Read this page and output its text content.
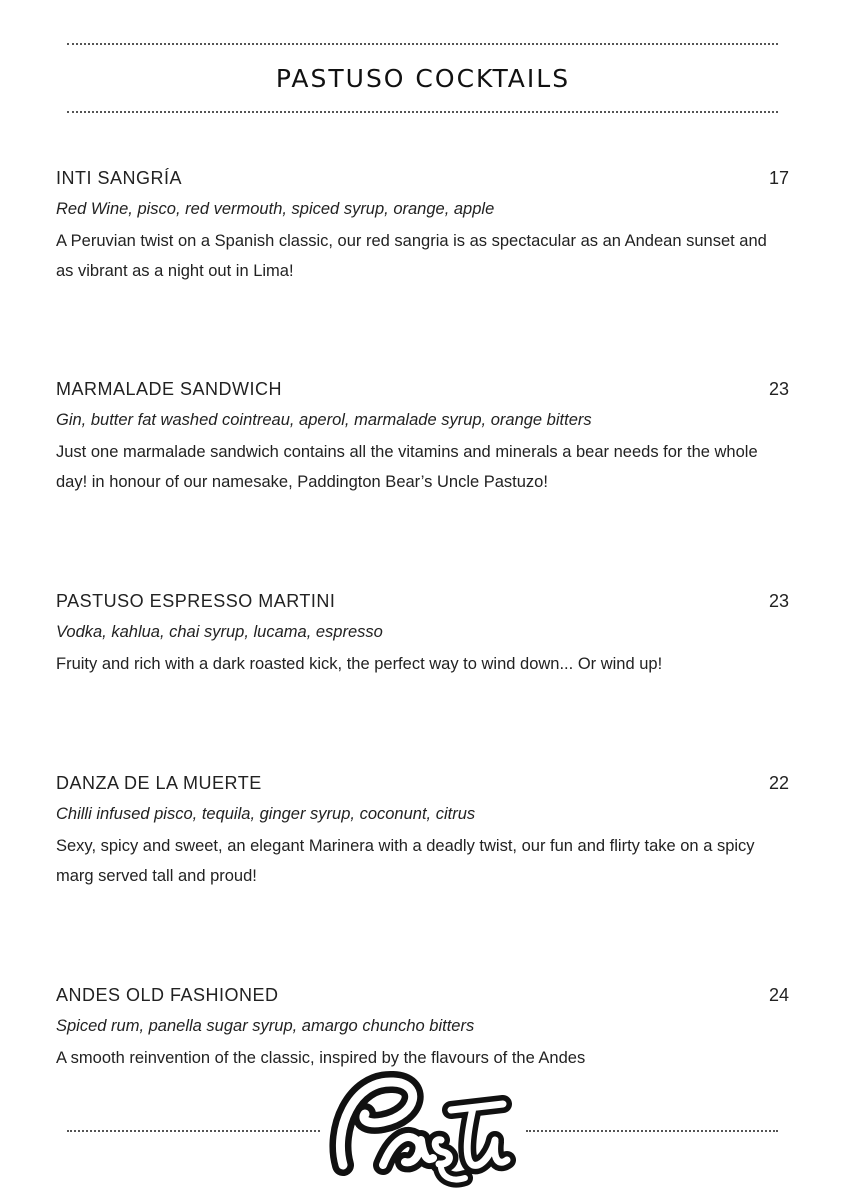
PASTUSO COCKTAILS
INTI SANGRÍA	17
Red Wine, pisco, red vermouth, spiced syrup, orange, apple
A Peruvian twist on a Spanish classic, our red sangria is as spectacular as an Andean sunset and as vibrant as a night out in Lima!
MARMALADE SANDWICH	23
Gin, butter fat washed cointreau, aperol, marmalade syrup, orange bitters
Just one marmalade sandwich contains all the vitamins and minerals a bear needs for the whole day! in honour of our namesake, Paddington Bear’s Uncle Pastuzo!
PASTUSO ESPRESSO MARTINI	23
Vodka, kahlua, chai syrup, lucama, espresso
Fruity and rich with a dark roasted kick, the perfect way to wind down... Or wind up!
DANZA DE LA MUERTE	22
Chilli infused pisco, tequila, ginger syrup, coconunt, citrus
Sexy, spicy and sweet, an elegant Marinera with a deadly twist, our fun and flirty take on a spicy marg served tall and proud!
ANDES OLD FASHIONED	24
Spiced rum, panella sugar syrup, amargo chuncho bitters
A smooth reinvention of the classic, inspired by the flavours of the Andes
